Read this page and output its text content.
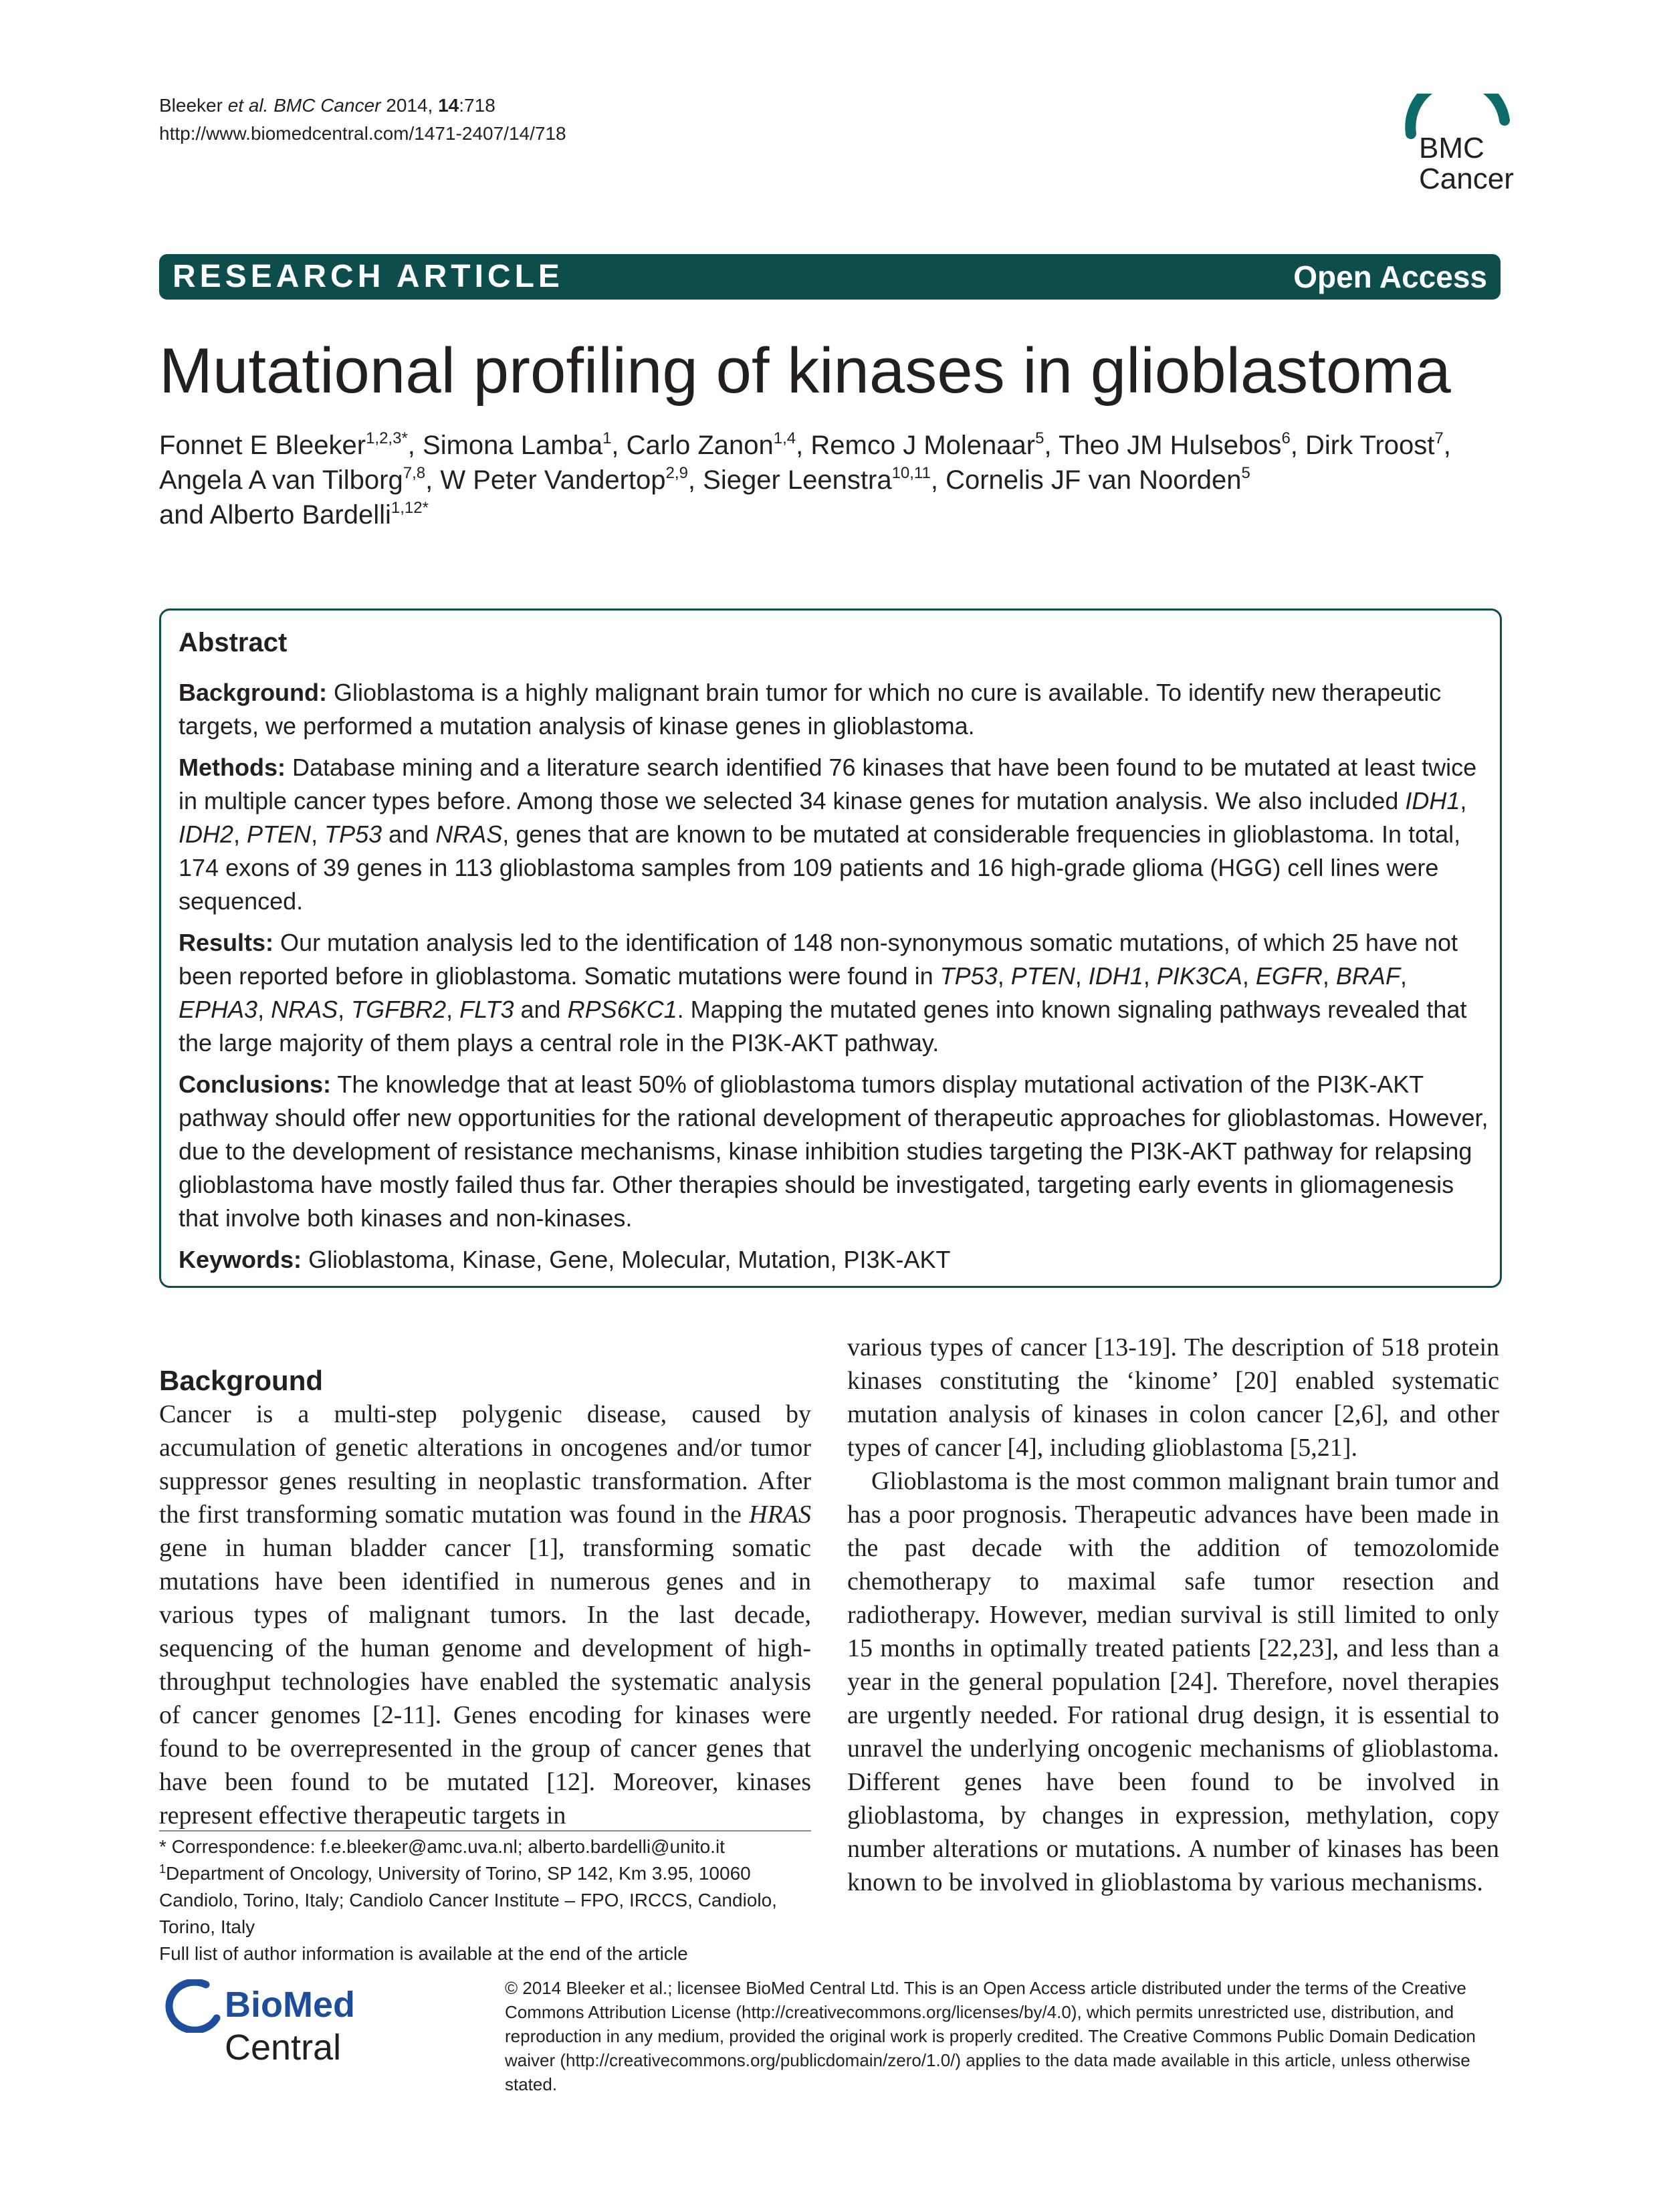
Bleeker et al. BMC Cancer 2014, 14:718
http://www.biomedcentral.com/1471-2407/14/718	BMC
Cancer
RESEARCH ARTICLE	Open Access
Mutational profiling of kinases in glioblastoma
Fonnet E Bleeker$^{1,2,3*}$, Simona Lamba$^1$, Carlo Zanon$^{1,4}$, Remco J Molenaar$^5$, Theo JM Hulsebos$^6$, Dirk Troost$^7$,
Angela A van Tilborg$^{7,8}$, W Peter Vandertop$^{2,9}$, Sieger Leenstra$^{10,11}$, Cornelis JF van Noorden$^5$
and Alberto Bardelli$^{1,12*}$
Abstract

Background: Glioblastoma is a highly malignant brain tumor for which no cure is available. To identify new therapeutic targets, we performed a mutation analysis of kinase genes in glioblastoma.

Methods: Database mining and a literature search identified 76 kinases that have been found to be mutated at least twice in multiple cancer types before. Among those we selected 34 kinase genes for mutation analysis. We also included IDH1, IDH2, PTEN, TP53 and NRAS, genes that are known to be mutated at considerable frequencies in glioblastoma. In total, 174 exons of 39 genes in 113 glioblastoma samples from 109 patients and 16 high-grade glioma (HGG) cell lines were sequenced.

Results: Our mutation analysis led to the identification of 148 non-synonymous somatic mutations, of which 25 have not been reported before in glioblastoma. Somatic mutations were found in TP53, PTEN, IDH1, PIK3CA, EGFR, BRAF, EPHA3, NRAS, TGFBR2, FLT3 and RPS6KC1. Mapping the mutated genes into known signaling pathways revealed that the large majority of them plays a central role in the PI3K-AKT pathway.

Conclusions: The knowledge that at least 50% of glioblastoma tumors display mutational activation of the PI3K-AKT pathway should offer new opportunities for the rational development of therapeutic approaches for glioblastomas. However, due to the development of resistance mechanisms, kinase inhibition studies targeting the PI3K-AKT pathway for relapsing glioblastoma have mostly failed thus far. Other therapies should be investigated, targeting early events in gliomagenesis that involve both kinases and non-kinases.

Keywords: Glioblastoma, Kinase, Gene, Molecular, Mutation, PI3K-AKT

Background

Cancer is a multi-step polygenic disease, caused by accumulation of genetic alterations in oncogenes and/or tumor suppressor genes resulting in neoplastic transformation. After the first transforming somatic mutation was found in the HRAS gene in human bladder cancer [1], transforming somatic mutations have been identified in numerous genes and in various types of malignant tumors. In the last decade, sequencing of the human genome and development of high-throughput technologies have enabled the systematic analysis of cancer genomes [2-11]. Genes encoding for kinases were found to be overrepresented in the group of cancer genes that have been found to be mutated [12]. Moreover, kinases represent effective therapeutic targets in

various types of cancer [13-19]. The description of 518 protein kinases constituting the ‘kinome’ [20] enabled systematic mutation analysis of kinases in colon cancer [2,6], and other types of cancer [4], including glioblastoma [5,21].

Glioblastoma is the most common malignant brain tumor and has a poor prognosis. Therapeutic advances have been made in the past decade with the addition of temozolomide chemotherapy to maximal safe tumor resection and radiotherapy. However, median survival is still limited to only 15 months in optimally treated patients [22,23], and less than a year in the general population [24]. Therefore, novel therapies are urgently needed. For rational drug design, it is essential to unravel the underlying oncogenic mechanisms of glioblastoma. Different genes have been found to be involved in glioblastoma, by changes in expression, methylation, copy number alterations or mutations. A number of kinases has been known to be involved in glioblastoma by various mechanisms.

* Correspondence: f.e.bleeker@amc.uva.nl; alberto.bardelli@unito.it

$^1$Department of Oncology, University of Torino, SP 142, Km 3.95, 10060 Candiolo, Torino, Italy; Candiolo Cancer Institute – FPO, IRCCS, Candiolo, Torino, Italy

Full list of author information is available at the end of the article

BioMed Central
© 2014 Bleeker et al.; licensee BioMed Central Ltd. This is an Open Access article distributed under the terms of the Creative Commons Attribution License (http://creativecommons.org/licenses/by/4.0), which permits unrestricted use, distribution, and reproduction in any medium, provided the original work is properly credited. The Creative Commons Public Domain Dedication waiver (http://creativecommons.org/publicdomain/zero/1.0/) applies to the data made available in this article, unless otherwise stated.
